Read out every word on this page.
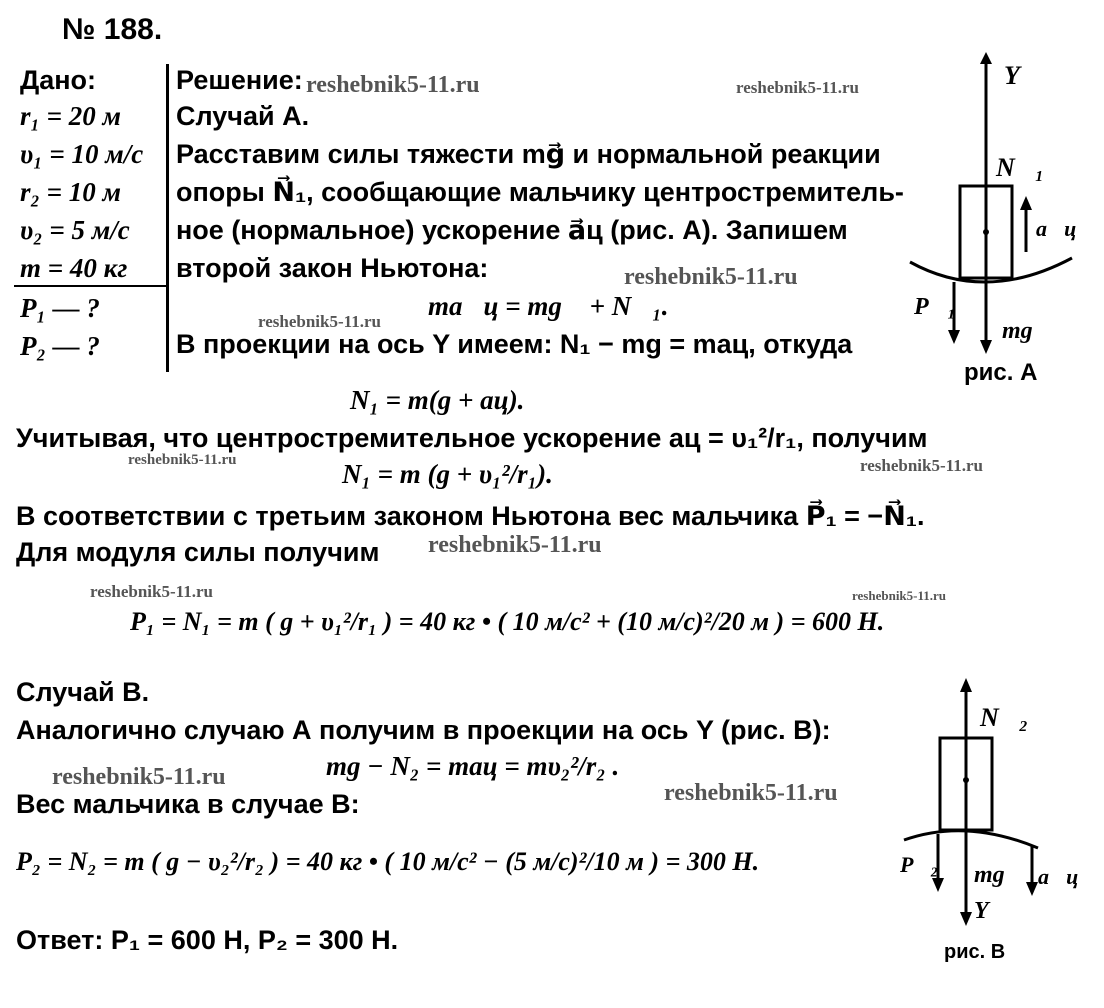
№ 188.
Дано:
r₁ = 20 м
υ₁ = 10 м/с
r₂ = 10 м
υ₂ = 5 м/с
m = 40 кг
P₁ — ?
P₂ — ?
Решение:
Случай А.
Расставим силы тяжести mg⃗ и нормальной реакции
опоры N⃗₁, сообщающие мальчику центростремитель-
ное (нормальное) ускорение a⃗ц (рис. А). Запишем
второй закон Ньютона:
ma⃗ц = mg⃗ + N⃗₁.
В проекции на ось Y имеем: N₁ − mg = maц, откуда
N₁ = m(g + aц).
Учитывая, что центростремительное ускорение aц = υ₁²/r₁, получим
N₁ = m (g + υ₁²/r₁).
В соответствии с третьим законом Ньютона вес мальчика P⃗₁ = −N⃗₁.
Для модуля силы получим
P₁ = N₁ = m ( g + υ₁²/r₁ ) = 40 кг • ( 10 м/с² + (10 м/с)²/20 м ) = 600 Н.
Случай В.
Аналогично случаю А получим в проекции на ось Y (рис. В):
mg − N₂ = maц = mυ₂²/r₂ .
Вес мальчика в случае В:
P₂ = N₂ = m ( g − υ₂²/r₂ ) = 40 кг • ( 10 м/с² − (5 м/с)²/10 м ) = 300 Н.
Ответ: P₁ = 600 Н, P₂ = 300 Н.
reshebnik5-11.ru	reshebnik5-11.ru
reshebnik5-11.ru
reshebnik5-11.ru
reshebnik5-11.ru	reshebnik5-11.ru
reshebnik5-11.ru
reshebnik5-11.ru	reshebnik5-11.ru
reshebnik5-11.ru
reshebnik5-11.ru
Y
N⃗₁
a⃗ц
P⃗₁
mg⃗
рис. А
N⃗₂
P⃗₂ mg⃗ a⃗ц
Y
рис. В
